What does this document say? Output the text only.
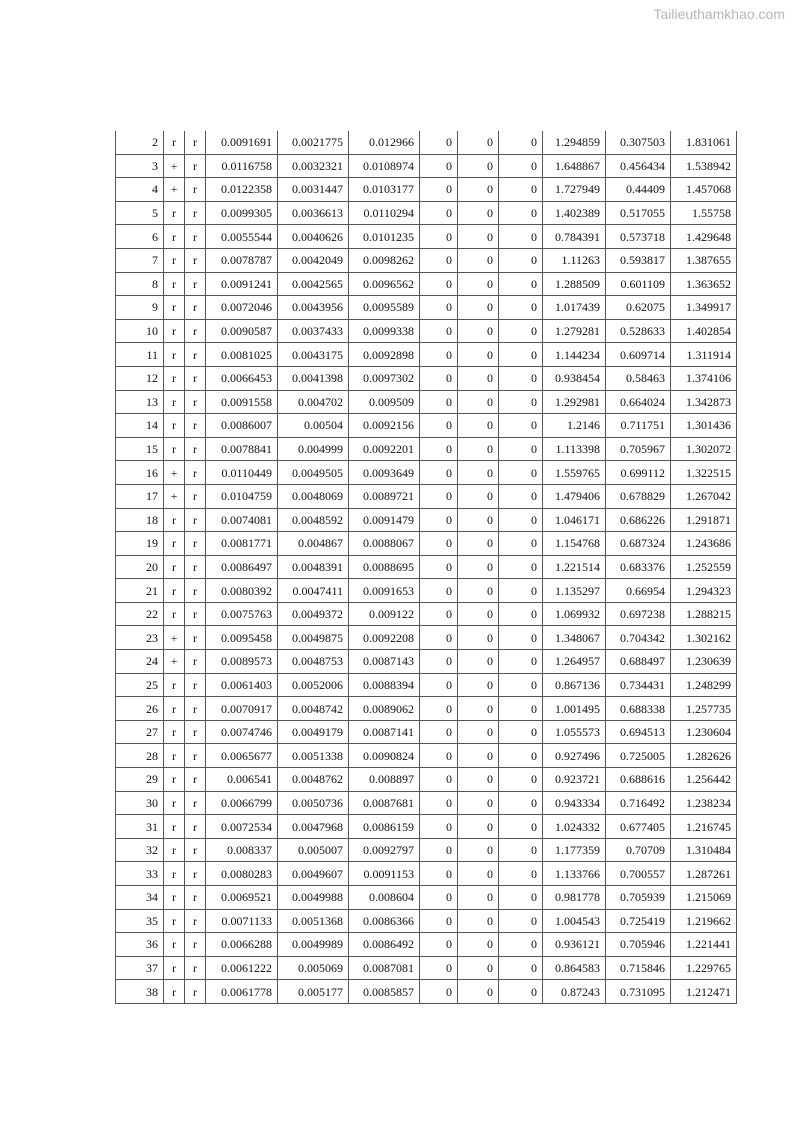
Tailieuthamkhao.com
2	r	r	0.0091691	0.0021775	0.012966	0	0	0	1.294859	0.307503	1.831061
3	+	r	0.0116758	0.0032321	0.0108974	0	0	0	1.648867	0.456434	1.538942
4	+	r	0.0122358	0.0031447	0.0103177	0	0	0	1.727949	0.44409	1.457068
5	r	r	0.0099305	0.0036613	0.0110294	0	0	0	1.402389	0.517055	1.55758
6	r	r	0.0055544	0.0040626	0.0101235	0	0	0	0.784391	0.573718	1.429648
7	r	r	0.0078787	0.0042049	0.0098262	0	0	0	1.11263	0.593817	1.387655
8	r	r	0.0091241	0.0042565	0.0096562	0	0	0	1.288509	0.601109	1.363652
9	r	r	0.0072046	0.0043956	0.0095589	0	0	0	1.017439	0.62075	1.349917
10	r	r	0.0090587	0.0037433	0.0099338	0	0	0	1.279281	0.528633	1.402854
11	r	r	0.0081025	0.0043175	0.0092898	0	0	0	1.144234	0.609714	1.311914
12	r	r	0.0066453	0.0041398	0.0097302	0	0	0	0.938454	0.58463	1.374106
13	r	r	0.0091558	0.004702	0.009509	0	0	0	1.292981	0.664024	1.342873
14	r	r	0.0086007	0.00504	0.0092156	0	0	0	1.2146	0.711751	1.301436
15	r	r	0.0078841	0.004999	0.0092201	0	0	0	1.113398	0.705967	1.302072
16	+	r	0.0110449	0.0049505	0.0093649	0	0	0	1.559765	0.699112	1.322515
17	+	r	0.0104759	0.0048069	0.0089721	0	0	0	1.479406	0.678829	1.267042
18	r	r	0.0074081	0.0048592	0.0091479	0	0	0	1.046171	0.686226	1.291871
19	r	r	0.0081771	0.004867	0.0088067	0	0	0	1.154768	0.687324	1.243686
20	r	r	0.0086497	0.0048391	0.0088695	0	0	0	1.221514	0.683376	1.252559
21	r	r	0.0080392	0.0047411	0.0091653	0	0	0	1.135297	0.66954	1.294323
22	r	r	0.0075763	0.0049372	0.009122	0	0	0	1.069932	0.697238	1.288215
23	+	r	0.0095458	0.0049875	0.0092208	0	0	0	1.348067	0.704342	1.302162
24	+	r	0.0089573	0.0048753	0.0087143	0	0	0	1.264957	0.688497	1.230639
25	r	r	0.0061403	0.0052006	0.0088394	0	0	0	0.867136	0.734431	1.248299
26	r	r	0.0070917	0.0048742	0.0089062	0	0	0	1.001495	0.688338	1.257735
27	r	r	0.0074746	0.0049179	0.0087141	0	0	0	1.055573	0.694513	1.230604
28	r	r	0.0065677	0.0051338	0.0090824	0	0	0	0.927496	0.725005	1.282626
29	r	r	0.006541	0.0048762	0.008897	0	0	0	0.923721	0.688616	1.256442
30	r	r	0.0066799	0.0050736	0.0087681	0	0	0	0.943334	0.716492	1.238234
31	r	r	0.0072534	0.0047968	0.0086159	0	0	0	1.024332	0.677405	1.216745
32	r	r	0.008337	0.005007	0.0092797	0	0	0	1.177359	0.70709	1.310484
33	r	r	0.0080283	0.0049607	0.0091153	0	0	0	1.133766	0.700557	1.287261
34	r	r	0.0069521	0.0049988	0.008604	0	0	0	0.981778	0.705939	1.215069
35	r	r	0.0071133	0.0051368	0.0086366	0	0	0	1.004543	0.725419	1.219662
36	r	r	0.0066288	0.0049989	0.0086492	0	0	0	0.936121	0.705946	1.221441
37	r	r	0.0061222	0.005069	0.0087081	0	0	0	0.864583	0.715846	1.229765
38	r	r	0.0061778	0.005177	0.0085857	0	0	0	0.87243	0.731095	1.212471
